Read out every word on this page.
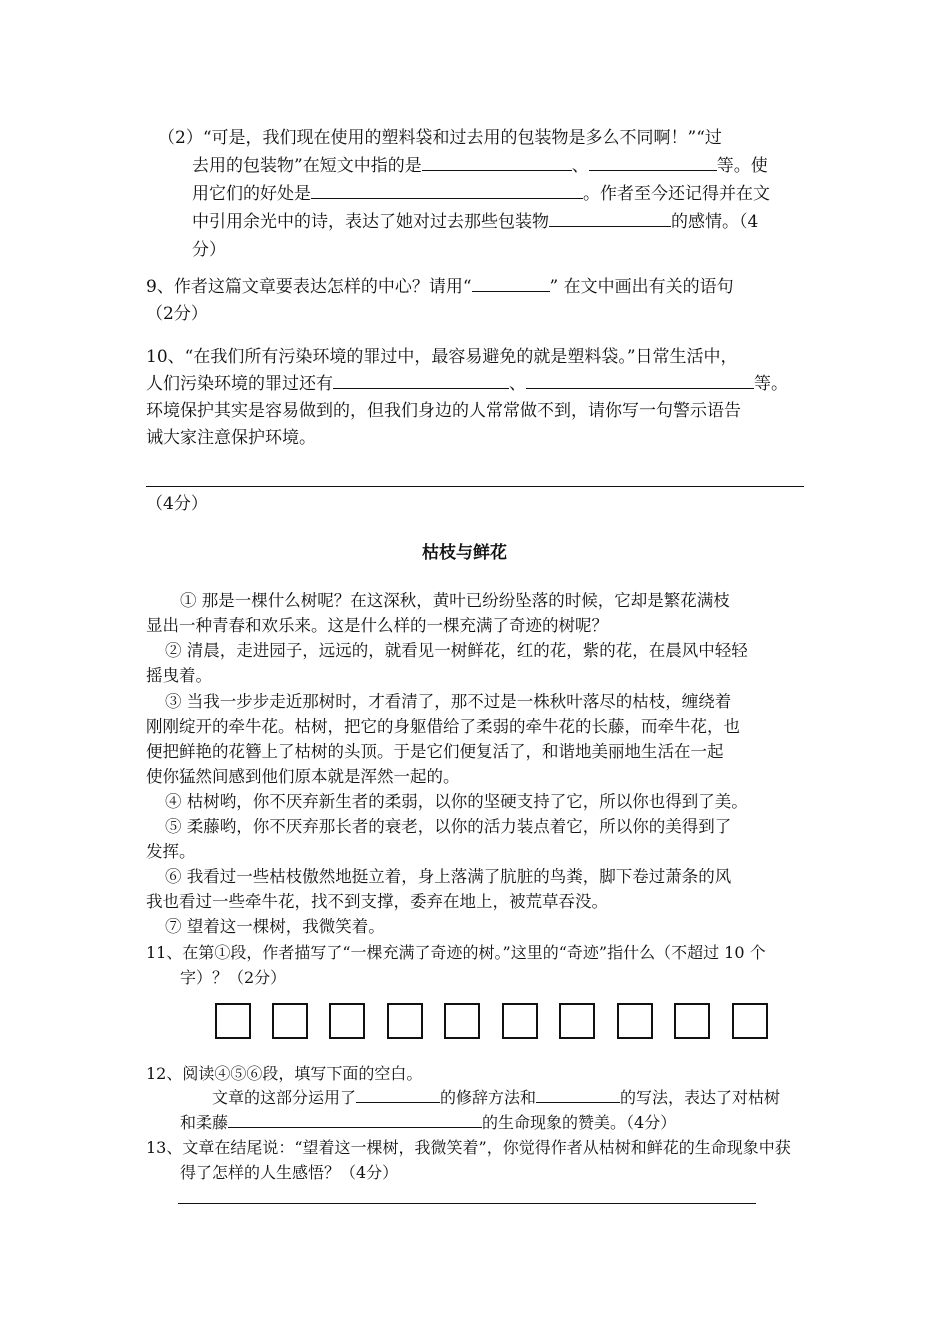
（2）“可是，我们现在使用的塑料袋和过去用的包装物是多么不同啊！”“过
去用的包装物”在短文中指的是	、	等。使
用它们的好处是	。作者至今还记得并在文
中引用余光中的诗，表达了她对过去那些包装物	的感情。（4
分）
9、作者这篇文章要表达怎样的中心？请用“	” 在文中画出有关的语句
（2分）
10、“在我们所有污染环境的罪过中，最容易避免的就是塑料袋。”日常生活中，
人们污染环境的罪过还有	、	等。
环境保护其实是容易做到的，但我们身边的人常常做不到，请你写一句警示语告
诫大家注意保护环境。
（4分）
枯枝与鲜花
① 那是一棵什么树呢？在这深秋，黄叶已纷纷坠落的时候，它却是繁花满枝
显出一种青春和欢乐来。这是什么样的一棵充满了奇迹的树呢？
② 清晨，走进园子，远远的，就看见一树鲜花，红的花，紫的花，在晨风中轻轻
摇曳着。
③ 当我一步步走近那树时，才看清了，那不过是一株秋叶落尽的枯枝，缠绕着
刚刚绽开的牵牛花。枯树，把它的身躯借给了柔弱的牵牛花的长藤，而牵牛花，也
便把鲜艳的花簪上了枯树的头顶。于是它们便复活了，和谐地美丽地生活在一起
使你猛然间感到他们原本就是浑然一起的。
④ 枯树哟，你不厌弃新生者的柔弱，以你的坚硬支持了它，所以你也得到了美。
⑤ 柔藤哟，你不厌弃那长者的衰老，以你的活力装点着它，所以你的美得到了
发挥。
⑥ 我看过一些枯枝傲然地挺立着，身上落满了肮脏的鸟粪，脚下卷过萧条的风
我也看过一些牵牛花，找不到支撑，委弃在地上，被荒草吞没。
⑦ 望着这一棵树，我微笑着。
11、在第①段，作者描写了“一棵充满了奇迹的树。”这里的“奇迹”指什么（不超过 10 个
字）？（2分）
12、阅读④⑤⑥段，填写下面的空白。
文章的这部分运用了	的修辞方法和	的写法，表达了对枯树
和柔藤	的生命现象的赞美。（4分）
13、文章在结尾说：“望着这一棵树，我微笑着”，你觉得作者从枯树和鲜花的生命现象中获
得了怎样的人生感悟？（4分）
